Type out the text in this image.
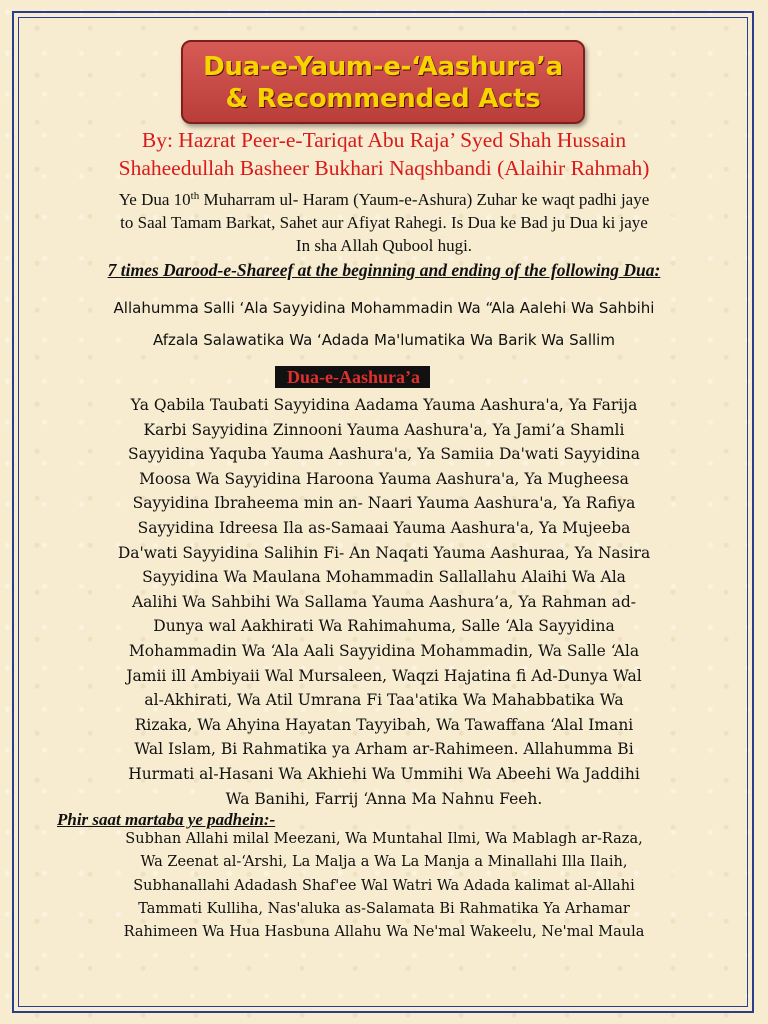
Dua-e-Yaum-e-‘Aashura’a
& Recommended Acts
By: Hazrat Peer-e-Tariqat Abu Raja’ Syed Shah Hussain
Shaheedullah Basheer Bukhari Naqshbandi (Alaihir Rahmah)
Ye Dua 10th Muharram ul- Haram (Yaum-e-Ashura) Zuhar ke waqt padhi jaye
to Saal Tamam Barkat, Sahet aur Afiyat Rahegi. Is Dua ke Bad ju Dua ki jaye
In sha Allah Qubool hugi.
7 times Darood-e-Shareef at the beginning and ending of the following Dua:
Allahumma Salli ‘Ala Sayyidina Mohammadin Wa “Ala Aalehi Wa Sahbihi
Afzala Salawatika Wa ‘Adada Ma'lumatika Wa Barik Wa Sallim
Dua-e-Aashura’a
Ya Qabila Taubati Sayyidina Aadama Yauma Aashura'a, Ya Farija
Karbi Sayyidina Zinnooni Yauma Aashura'a, Ya Jami’a Shamli
Sayyidina Yaquba Yauma Aashura'a, Ya Samiia Da'wati Sayyidina
Moosa Wa Sayyidina Haroona Yauma Aashura'a, Ya Mugheesa
Sayyidina Ibraheema min an- Naari Yauma Aashura'a, Ya Rafiya
Sayyidina Idreesa Ila as-Samaai Yauma Aashura'a, Ya Mujeeba
Da'wati Sayyidina Salihin Fi- An Naqati Yauma Aashuraa, Ya Nasira
Sayyidina Wa Maulana Mohammadin Sallallahu Alaihi Wa Ala
Aalihi Wa Sahbihi Wa Sallama Yauma Aashura’a, Ya Rahman ad-
Dunya wal Aakhirati Wa Rahimahuma, Salle ‘Ala Sayyidina
Mohammadin Wa ‘Ala Aali Sayyidina Mohammadin, Wa Salle ‘Ala
Jamii ill Ambiyaii Wal Mursaleen, Waqzi Hajatina fi Ad-Dunya Wal
al-Akhirati, Wa Atil Umrana Fi Taa'atika Wa Mahabbatika Wa
Rizaka, Wa Ahyina Hayatan Tayyibah, Wa Tawaffana ‘Alal Imani
Wal Islam, Bi Rahmatika ya Arham ar-Rahimeen. Allahumma Bi
Hurmati al-Hasani Wa Akhiehi Wa Ummihi Wa Abeehi Wa Jaddihi
Wa Banihi, Farrij ‘Anna Ma Nahnu Feeh.
Phir saat martaba ye padhein:-
Subhan Allahi milal Meezani, Wa Muntahal Ilmi, Wa Mablagh ar-Raza,
Wa Zeenat al-‘Arshi, La Malja a Wa La Manja a Minallahi Illa Ilaih,
Subhanallahi Adadash Shaf'ee Wal Watri Wa Adada kalimat al-Allahi
Tammati Kulliha, Nas'aluka as-Salamata Bi Rahmatika Ya Arhamar
Rahimeen Wa Hua Hasbuna Allahu Wa Ne'mal Wakeelu, Ne'mal Maula
